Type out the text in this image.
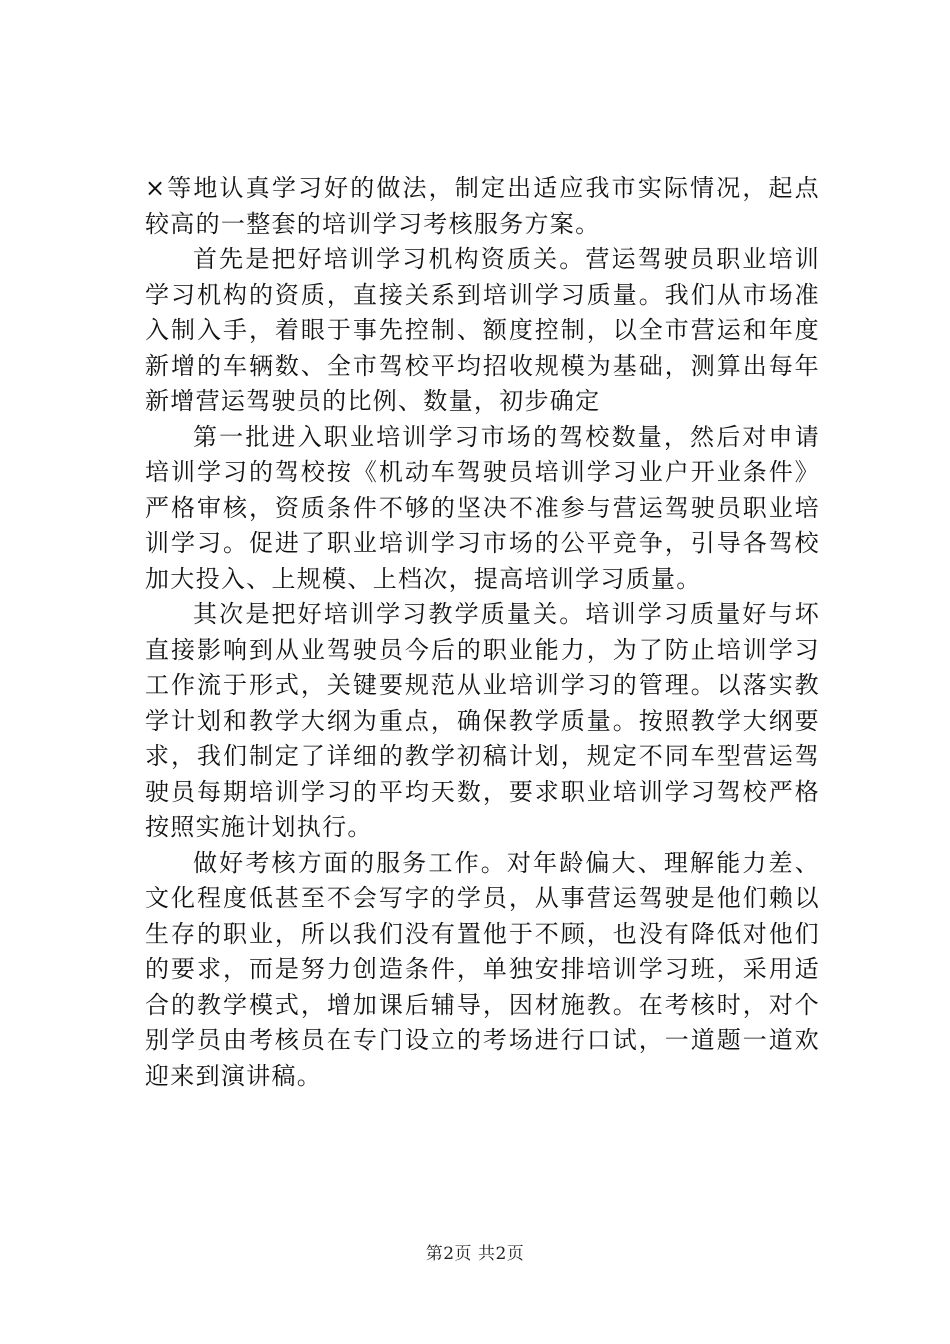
×等地认真学习好的做法，制定出适应我市实际情况，起点较高的一整套的培训学习考核服务方案。

首先是把好培训学习机构资质关。营运驾驶员职业培训学习机构的资质，直接关系到培训学习质量。我们从市场准入制入手，着眼于事先控制、额度控制，以全市营运和年度新增的车辆数、全市驾校平均招收规模为基础，测算出每年新增营运驾驶员的比例、数量，初步确定

第一批进入职业培训学习市场的驾校数量，然后对申请培训学习的驾校按《机动车驾驶员培训学习业户开业条件》严格审核，资质条件不够的坚决不准参与营运驾驶员职业培训学习。促进了职业培训学习市场的公平竞争，引导各驾校加大投入、上规模、上档次，提高培训学习质量。

其次是把好培训学习教学质量关。培训学习质量好与坏直接影响到从业驾驶员今后的职业能力，为了防止培训学习工作流于形式，关键要规范从业培训学习的管理。以落实教学计划和教学大纲为重点，确保教学质量。按照教学大纲要求，我们制定了详细的教学初稿计划，规定不同车型营运驾驶员每期培训学习的平均天数，要求职业培训学习驾校严格按照实施计划执行。

做好考核方面的服务工作。对年龄偏大、理解能力差、文化程度低甚至不会写字的学员，从事营运驾驶是他们赖以生存的职业，所以我们没有置他于不顾，也没有降低对他们的要求，而是努力创造条件，单独安排培训学习班，采用适合的教学模式，增加课后辅导，因材施教。在考核时，对个别学员由考核员在专门设立的考场进行口试，一道题一道欢迎来到演讲稿。

第2页 共2页
